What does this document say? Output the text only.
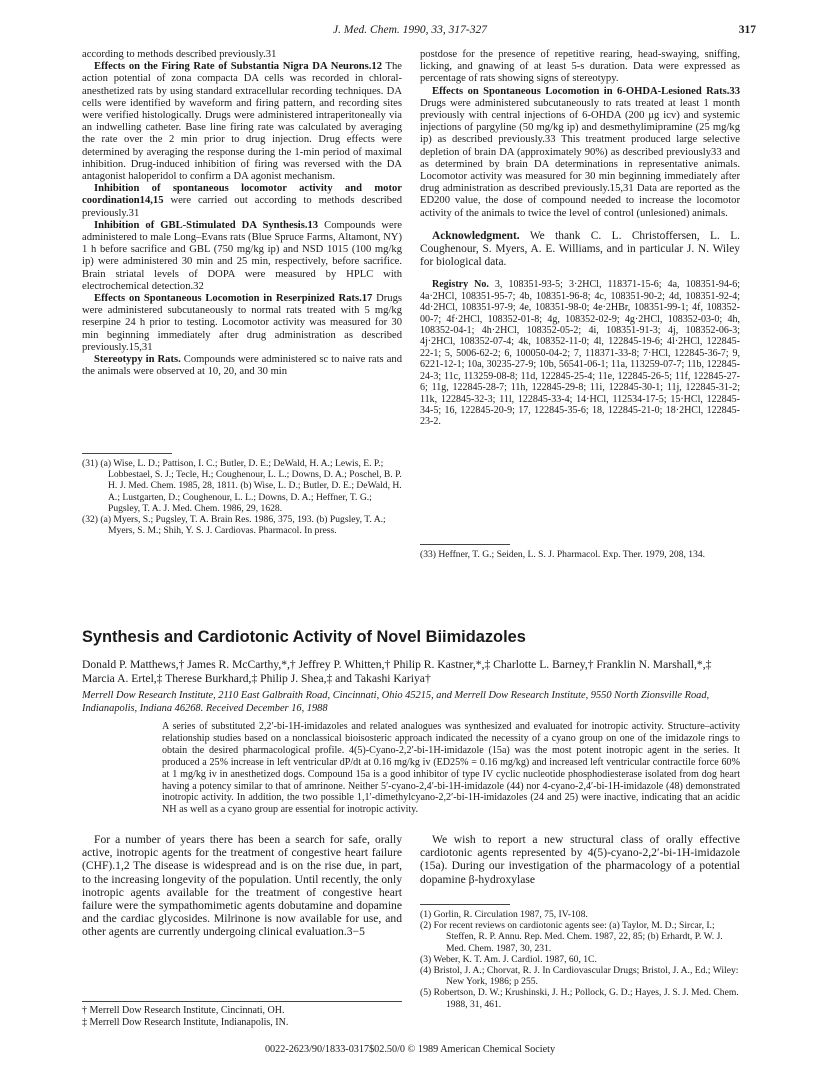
J. Med. Chem. 1990, 33, 317-327	317

according to methods described previously.31

Effects on the Firing Rate of Substantia Nigra DA Neurons.12 The action potential of zona compacta DA cells was recorded in chloral-anesthetized rats by using standard extracellular recording techniques. DA cells were identified by waveform and firing pattern, and recording sites were verified histologically. Drugs were administered intraperitoneally via an indwelling catheter. Base line firing rate was calculated by averaging the rate over the 2 min prior to drug injection. Drug effects were determined by averaging the response during the 1-min period of maximal inhibition. Drug-induced inhibition of firing was reversed with the DA antagonist haloperidol to confirm a DA agonist mechanism.

Inhibition of spontaneous locomotor activity and motor coordination14,15 were carried out according to methods described previously.31

Inhibition of GBL-Stimulated DA Synthesis.13 Compounds were administered to male Long–Evans rats (Blue Spruce Farms, Altamont, NY) 1 h before sacrifice and GBL (750 mg/kg ip) and NSD 1015 (100 mg/kg ip) were administered 30 min and 25 min, respectively, before sacrifice. Brain striatal levels of DOPA were measured by HPLC with electrochemical detection.32

Effects on Spontaneous Locomotion in Reserpinized Rats.17 Drugs were administered subcutaneously to normal rats treated with 5 mg/kg reserpine 24 h prior to testing. Locomotor activity was measured for 30 min beginning immediately after drug administration as described previously.15,31

Stereotypy in Rats. Compounds were administered sc to naive rats and the animals were observed at 10, 20, and 30 min

(31) (a) Wise, L. D.; Pattison, I. C.; Butler, D. E.; DeWald, H. A.; Lewis, E. P.; Lobbestael, S. J.; Tecle, H.; Coughenour, L. L.; Downs, D. A.; Poschel, B. P. H. J. Med. Chem. 1985, 28, 1811. (b) Wise, L. D.; Butler, D. E.; DeWald, H. A.; Lustgarten, D.; Coughenour, L. L.; Downs, D. A.; Heffner, T. G.; Pugsley, T. A. J. Med. Chem. 1986, 29, 1628.

(32) (a) Myers, S.; Pugsley, T. A. Brain Res. 1986, 375, 193. (b) Pugsley, T. A.; Myers, S. M.; Shih, Y. S. J. Cardiovas. Pharmacol. In press.

postdose for the presence of repetitive rearing, head-swaying, sniffing, licking, and gnawing of at least 5-s duration. Data were expressed as percentage of rats showing signs of stereotypy.

Effects on Spontaneous Locomotion in 6-OHDA-Lesioned Rats.33 Drugs were administered subcutaneously to rats treated at least 1 month previously with central injections of 6-OHDA (200 μg icv) and systemic injections of pargyline (50 mg/kg ip) and desmethylimipramine (25 mg/kg ip) as described previously.33 This treatment produced large selective depletion of brain DA (approximately 90%) as described previously33 and as determined by brain DA determinations in representative animals. Locomotor activity was measured for 30 min beginning immediately after drug administration as described previously.15,31 Data are reported as the ED200 value, the dose of compound needed to increase the locomotor activity of the animals to twice the level of control (unlesioned) animals.

Acknowledgment. We thank C. L. Christoffersen, L. L. Coughenour, S. Myers, A. E. Williams, and in particular J. N. Wiley for biological data.

Registry No. 3, 108351-93-5; 3·2HCl, 118371-15-6; 4a, 108351-94-6; 4a·2HCl, 108351-95-7; 4b, 108351-96-8; 4c, 108351-90-2; 4d, 108351-92-4; 4d·2HCl, 108351-97-9; 4e, 108351-98-0; 4e·2HBr, 108351-99-1; 4f, 108352-00-7; 4f·2HCl, 108352-01-8; 4g, 108352-02-9; 4g·2HCl, 108352-03-0; 4h, 108352-04-1; 4h·2HCl, 108352-05-2; 4i, 108351-91-3; 4j, 108352-06-3; 4j·2HCl, 108352-07-4; 4k, 108352-11-0; 4l, 122845-19-6; 4l·2HCl, 122845-22-1; 5, 5006-62-2; 6, 100050-04-2; 7, 118371-33-8; 7·HCl, 122845-36-7; 9, 6221-12-1; 10a, 30235-27-9; 10b, 56541-06-1; 11a, 113259-07-7; 11b, 122845-24-3; 11c, 113259-08-8; 11d, 122845-25-4; 11e, 122845-26-5; 11f, 122845-27-6; 11g, 122845-28-7; 11h, 122845-29-8; 11i, 122845-30-1; 11j, 122845-31-2; 11k, 122845-32-3; 11l, 122845-33-4; 14·HCl, 112534-17-5; 15·HCl, 122845-34-5; 16, 122845-20-9; 17, 122845-35-6; 18, 122845-21-0; 18·2HCl, 122845-23-2.

(33) Heffner, T. G.; Seiden, L. S. J. Pharmacol. Exp. Ther. 1979, 208, 134.

Synthesis and Cardiotonic Activity of Novel Biimidazoles
Donald P. Matthews,† James R. McCarthy,*,† Jeffrey P. Whitten,† Philip R. Kastner,*,‡ Charlotte L. Barney,† Franklin N. Marshall,*,‡ Marcia A. Ertel,‡ Therese Burkhard,‡ Philip J. Shea,‡ and Takashi Kariya†
Merrell Dow Research Institute, 2110 East Galbraith Road, Cincinnati, Ohio 45215, and Merrell Dow Research Institute, 9550 North Zionsville Road, Indianapolis, Indiana 46268. Received December 16, 1988
A series of substituted 2,2′-bi-1H-imidazoles and related analogues was synthesized and evaluated for inotropic activity. Structure–activity relationship studies based on a nonclassical bioisosteric approach indicated the necessity of a cyano group on one of the imidazole rings to obtain the desired pharmacological profile. 4(5)-Cyano-2,2′-bi-1H-imidazole (15a) was the most potent inotropic agent in the series. It produced a 25% increase in left ventricular dP/dt at 0.16 mg/kg iv (ED25% = 0.16 mg/kg) and increased left ventricular contractile force 60% at 1 mg/kg iv in anesthetized dogs. Compound 15a is a good inhibitor of type IV cyclic nucleotide phosphodiesterase isolated from dog heart having a potency similar to that of amrinone. Neither 5′-cyano-2,4′-bi-1H-imidazole (44) nor 4-cyano-2,4′-bi-1H-imidazole (48) demonstrated inotropic activity. In addition, the two possible 1,1′-dimethylcyano-2,2′-bi-1H-imidazoles (24 and 25) were inactive, indicating that an acidic NH as well as a cyano group are essential for inotropic activity.

For a number of years there has been a search for safe, orally active, inotropic agents for the treatment of congestive heart failure (CHF).1,2 The disease is widespread and is on the rise due, in part, to the increasing longevity of the population. Until recently, the only inotropic agents available for the treatment of congestive heart failure were the sympathomimetic agents dobutamine and dopamine and the cardiac glycosides. Milrinone is now available for use, and other agents are currently undergoing clinical evaluation.3−5

We wish to report a new structural class of orally effective cardiotonic agents represented by 4(5)-cyano-2,2′-bi-1H-imidazole (15a). During our investigation of the pharmacology of a potential dopamine β-hydroxylase

(1) Gorlin, R. Circulation 1987, 75, IV-108.

(2) For recent reviews on cardiotonic agents see: (a) Taylor, M. D.; Sircar, I.; Steffen, R. P. Annu. Rep. Med. Chem. 1987, 22, 85; (b) Erhardt, P. W. J. Med. Chem. 1987, 30, 231.

(3) Weber, K. T. Am. J. Cardiol. 1987, 60, 1C.

(4) Bristol, J. A.; Chorvat, R. J. In Cardiovascular Drugs; Bristol, J. A., Ed.; Wiley: New York, 1986; p 255.

(5) Robertson, D. W.; Krushinski, J. H.; Pollock, G. D.; Hayes, J. S. J. Med. Chem. 1988, 31, 461.

† Merrell Dow Research Institute, Cincinnati, OH.
‡ Merrell Dow Research Institute, Indianapolis, IN.
0022-2623/90/1833-0317$02.50/0 © 1989 American Chemical Society
